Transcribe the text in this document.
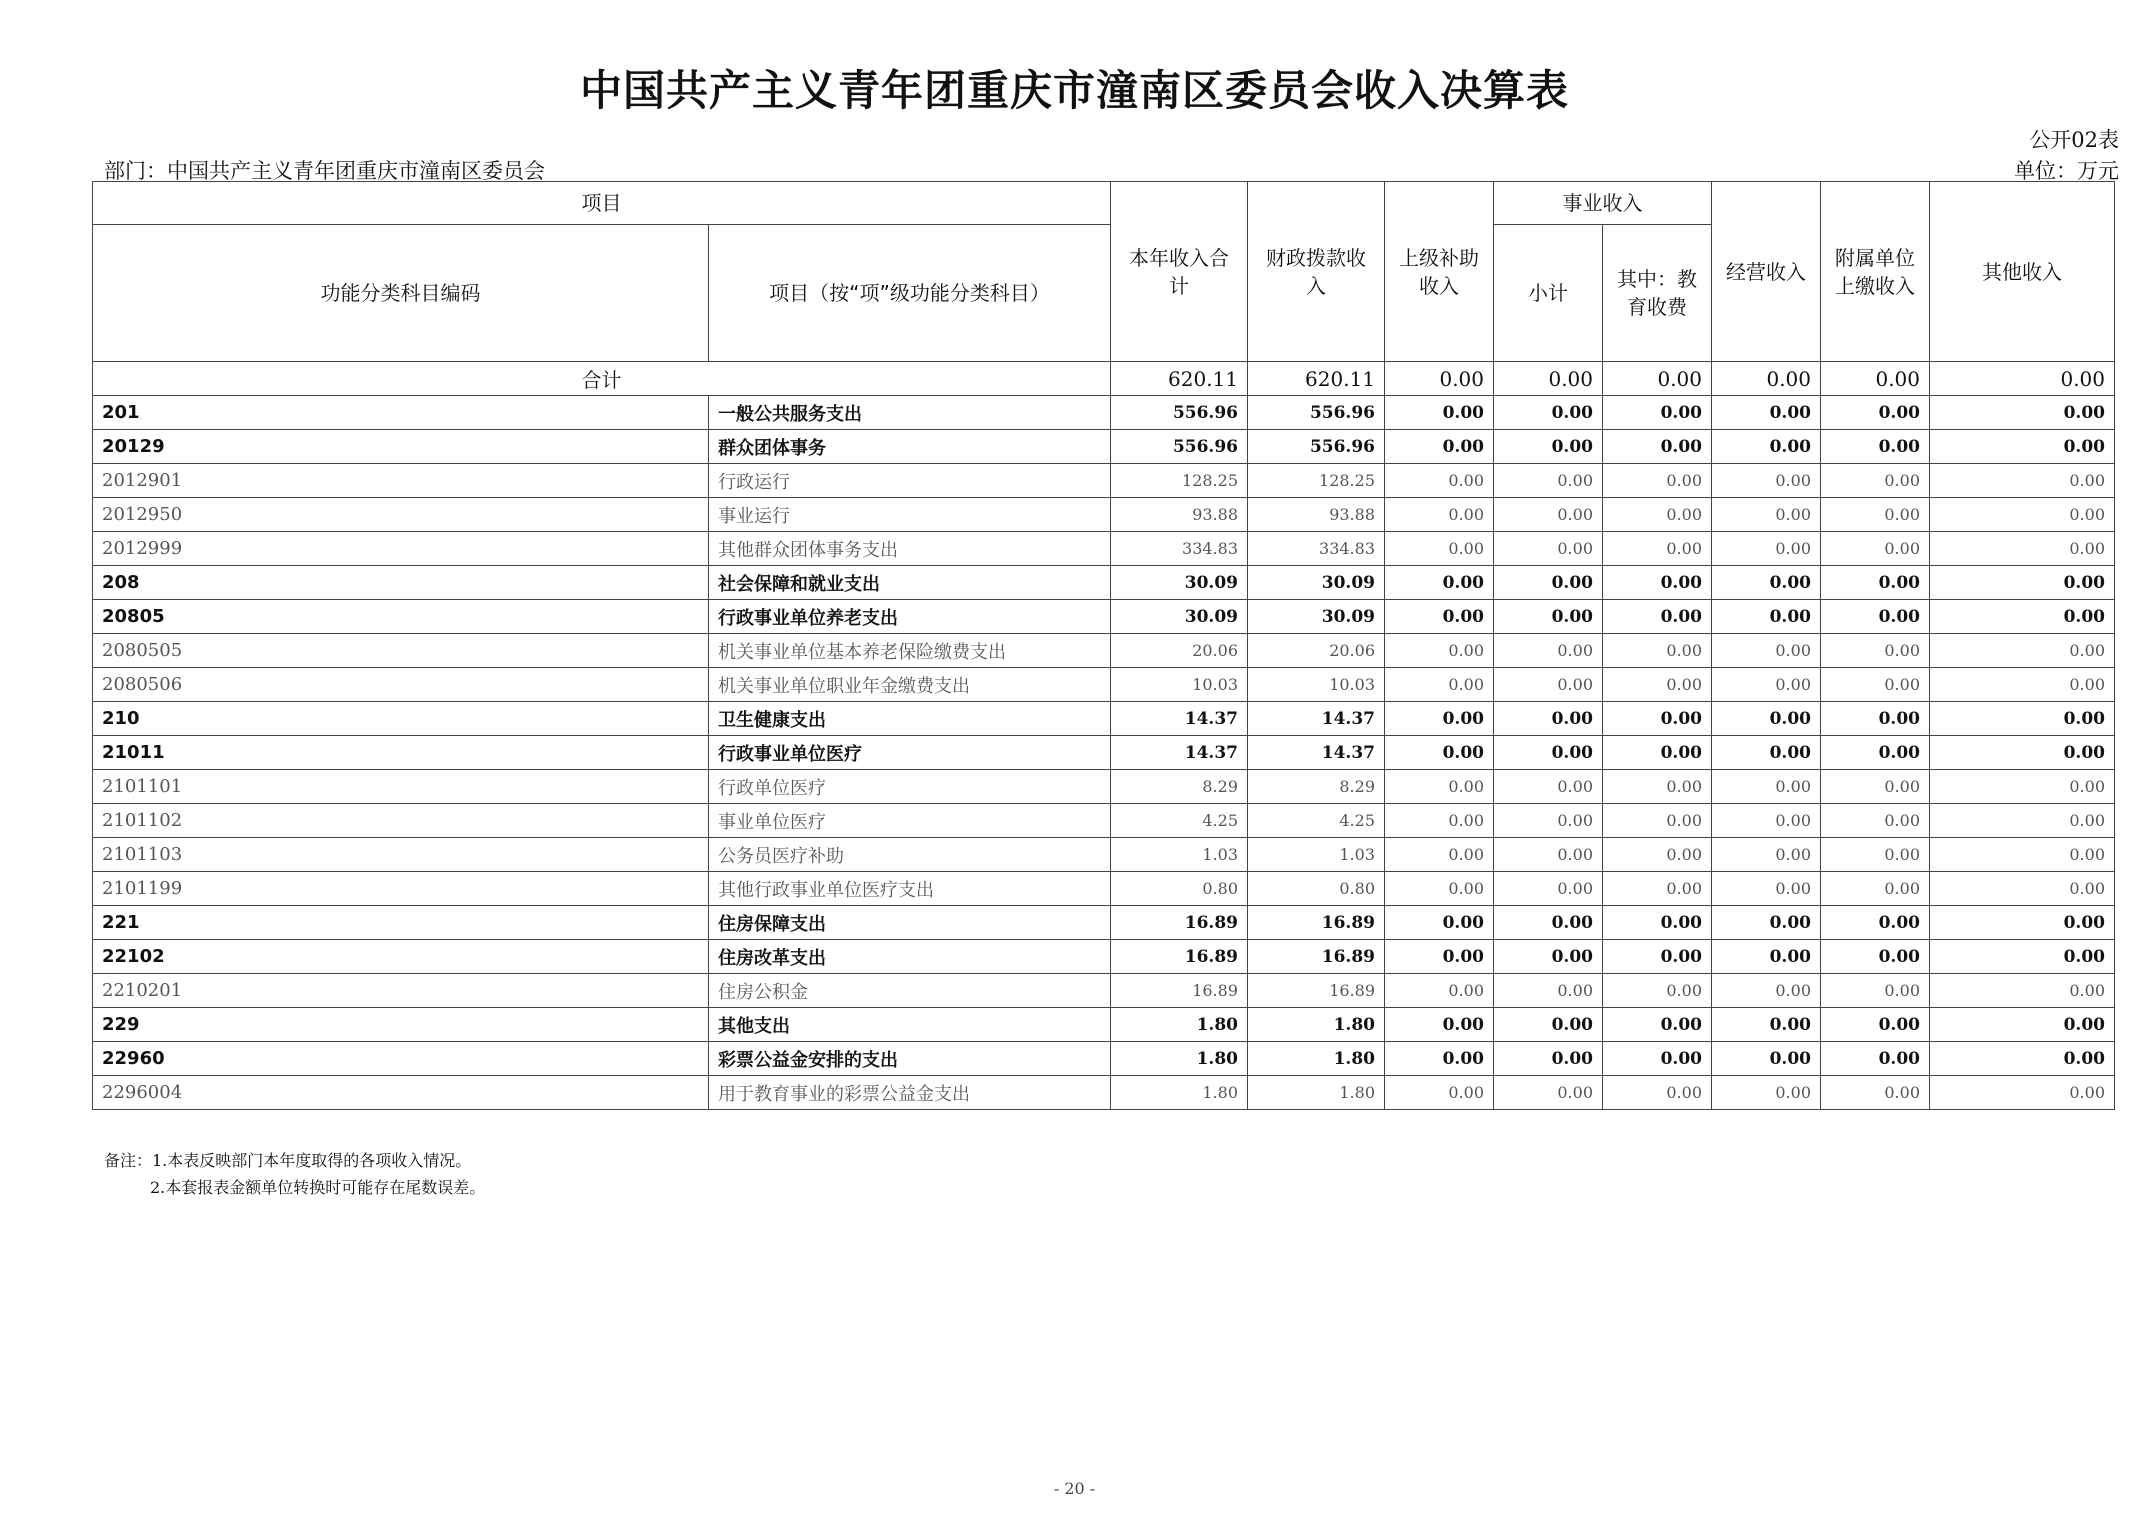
中国共产主义青年团重庆市潼南区委员会收入决算表
公开02表
部门：中国共产主义青年团重庆市潼南区委员会	单位：万元
项目		本年收入合计	财政拨款收入	上级补助收入	事业收入		经营收入	附属单位上缴收入	其他收入
功能分类科目编码	项目（按“项”级功能分类科目）				小计	其中：教育收费			
合计		620.11	620.11	0.00	0.00	0.00	0.00	0.00	0.00
201	一般公共服务支出	556.96	556.96	0.00	0.00	0.00	0.00	0.00	0.00
20129	群众团体事务	556.96	556.96	0.00	0.00	0.00	0.00	0.00	0.00
2012901	行政运行	128.25	128.25	0.00	0.00	0.00	0.00	0.00	0.00
2012950	事业运行	93.88	93.88	0.00	0.00	0.00	0.00	0.00	0.00
2012999	其他群众团体事务支出	334.83	334.83	0.00	0.00	0.00	0.00	0.00	0.00
208	社会保障和就业支出	30.09	30.09	0.00	0.00	0.00	0.00	0.00	0.00
20805	行政事业单位养老支出	30.09	30.09	0.00	0.00	0.00	0.00	0.00	0.00
2080505	机关事业单位基本养老保险缴费支出	20.06	20.06	0.00	0.00	0.00	0.00	0.00	0.00
2080506	机关事业单位职业年金缴费支出	10.03	10.03	0.00	0.00	0.00	0.00	0.00	0.00
210	卫生健康支出	14.37	14.37	0.00	0.00	0.00	0.00	0.00	0.00
21011	行政事业单位医疗	14.37	14.37	0.00	0.00	0.00	0.00	0.00	0.00
2101101	行政单位医疗	8.29	8.29	0.00	0.00	0.00	0.00	0.00	0.00
2101102	事业单位医疗	4.25	4.25	0.00	0.00	0.00	0.00	0.00	0.00
2101103	公务员医疗补助	1.03	1.03	0.00	0.00	0.00	0.00	0.00	0.00
2101199	其他行政事业单位医疗支出	0.80	0.80	0.00	0.00	0.00	0.00	0.00	0.00
221	住房保障支出	16.89	16.89	0.00	0.00	0.00	0.00	0.00	0.00
22102	住房改革支出	16.89	16.89	0.00	0.00	0.00	0.00	0.00	0.00
2210201	住房公积金	16.89	16.89	0.00	0.00	0.00	0.00	0.00	0.00
229	其他支出	1.80	1.80	0.00	0.00	0.00	0.00	0.00	0.00
22960	彩票公益金安排的支出	1.80	1.80	0.00	0.00	0.00	0.00	0.00	0.00
2296004	用于教育事业的彩票公益金支出	1.80	1.80	0.00	0.00	0.00	0.00	0.00	0.00
备注：1.本表反映部门本年度取得的各项收入情况。
2.本套报表金额单位转换时可能存在尾数误差。
- 20 -
